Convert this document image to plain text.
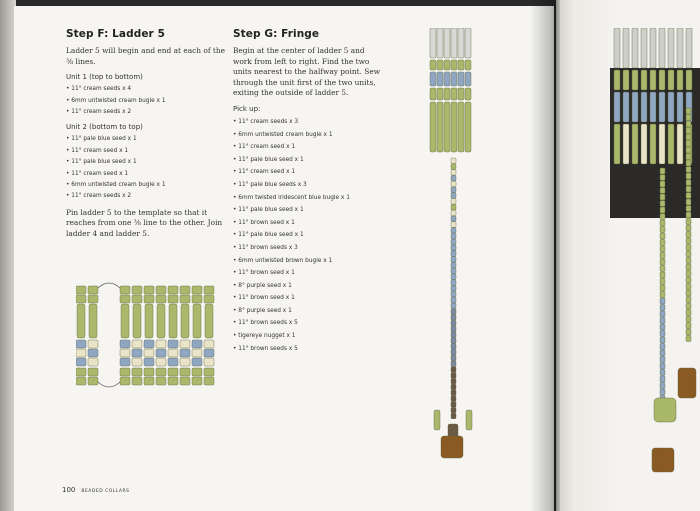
Step F: Ladder 5

Ladder 5 will begin and end at each of the ⅜ lines.

Unit 1 (top to bottom)
• 11° cream seeds x 4
• 6mm untwisted cream bugle x 1
• 11° cream seeds x 2
Unit 2 (bottom to top)
• 11° pale blue seed x 1
• 11° cream seed x 1
• 11° pale blue seed x 1
• 11° cream seed x 1
• 6mm untwisted cream bugle x 1
• 11° cream seeds x 2

Pin ladder 5 to the template so that it reaches from one ⅜ line to the other. Join ladder 4 and ladder 5.

Step G: Fringe

Begin at the center of ladder 5 and work from left to right. Find the two units nearest to the halfway point. Sew through the unit first of the two units, exiting the outside of ladder 5.

Pick up:
• 11° cream seeds x 3
• 6mm untwisted cream bugle x 1
• 11° cream seed x 1
• 11° pale blue seed x 1
• 11° cream seed x 1
• 11° pale blue seeds x 3
• 6mm twisted iridescent blue bugle x 1
• 11° pale blue seed x 1
• 11° brown seed x 1
• 11° pale blue seed x 1
• 11° brown seeds x 3
• 6mm untwisted brown bugle x 1
• 11° brown seed x 1
• 8° purple seed x 1
• 11° brown seed x 1
• 8° purple seed x 1
• 11° brown seeds x 5
• tigereye nugget x 1
• 11° brown seeds x 5
100 BEADED COLLARS
